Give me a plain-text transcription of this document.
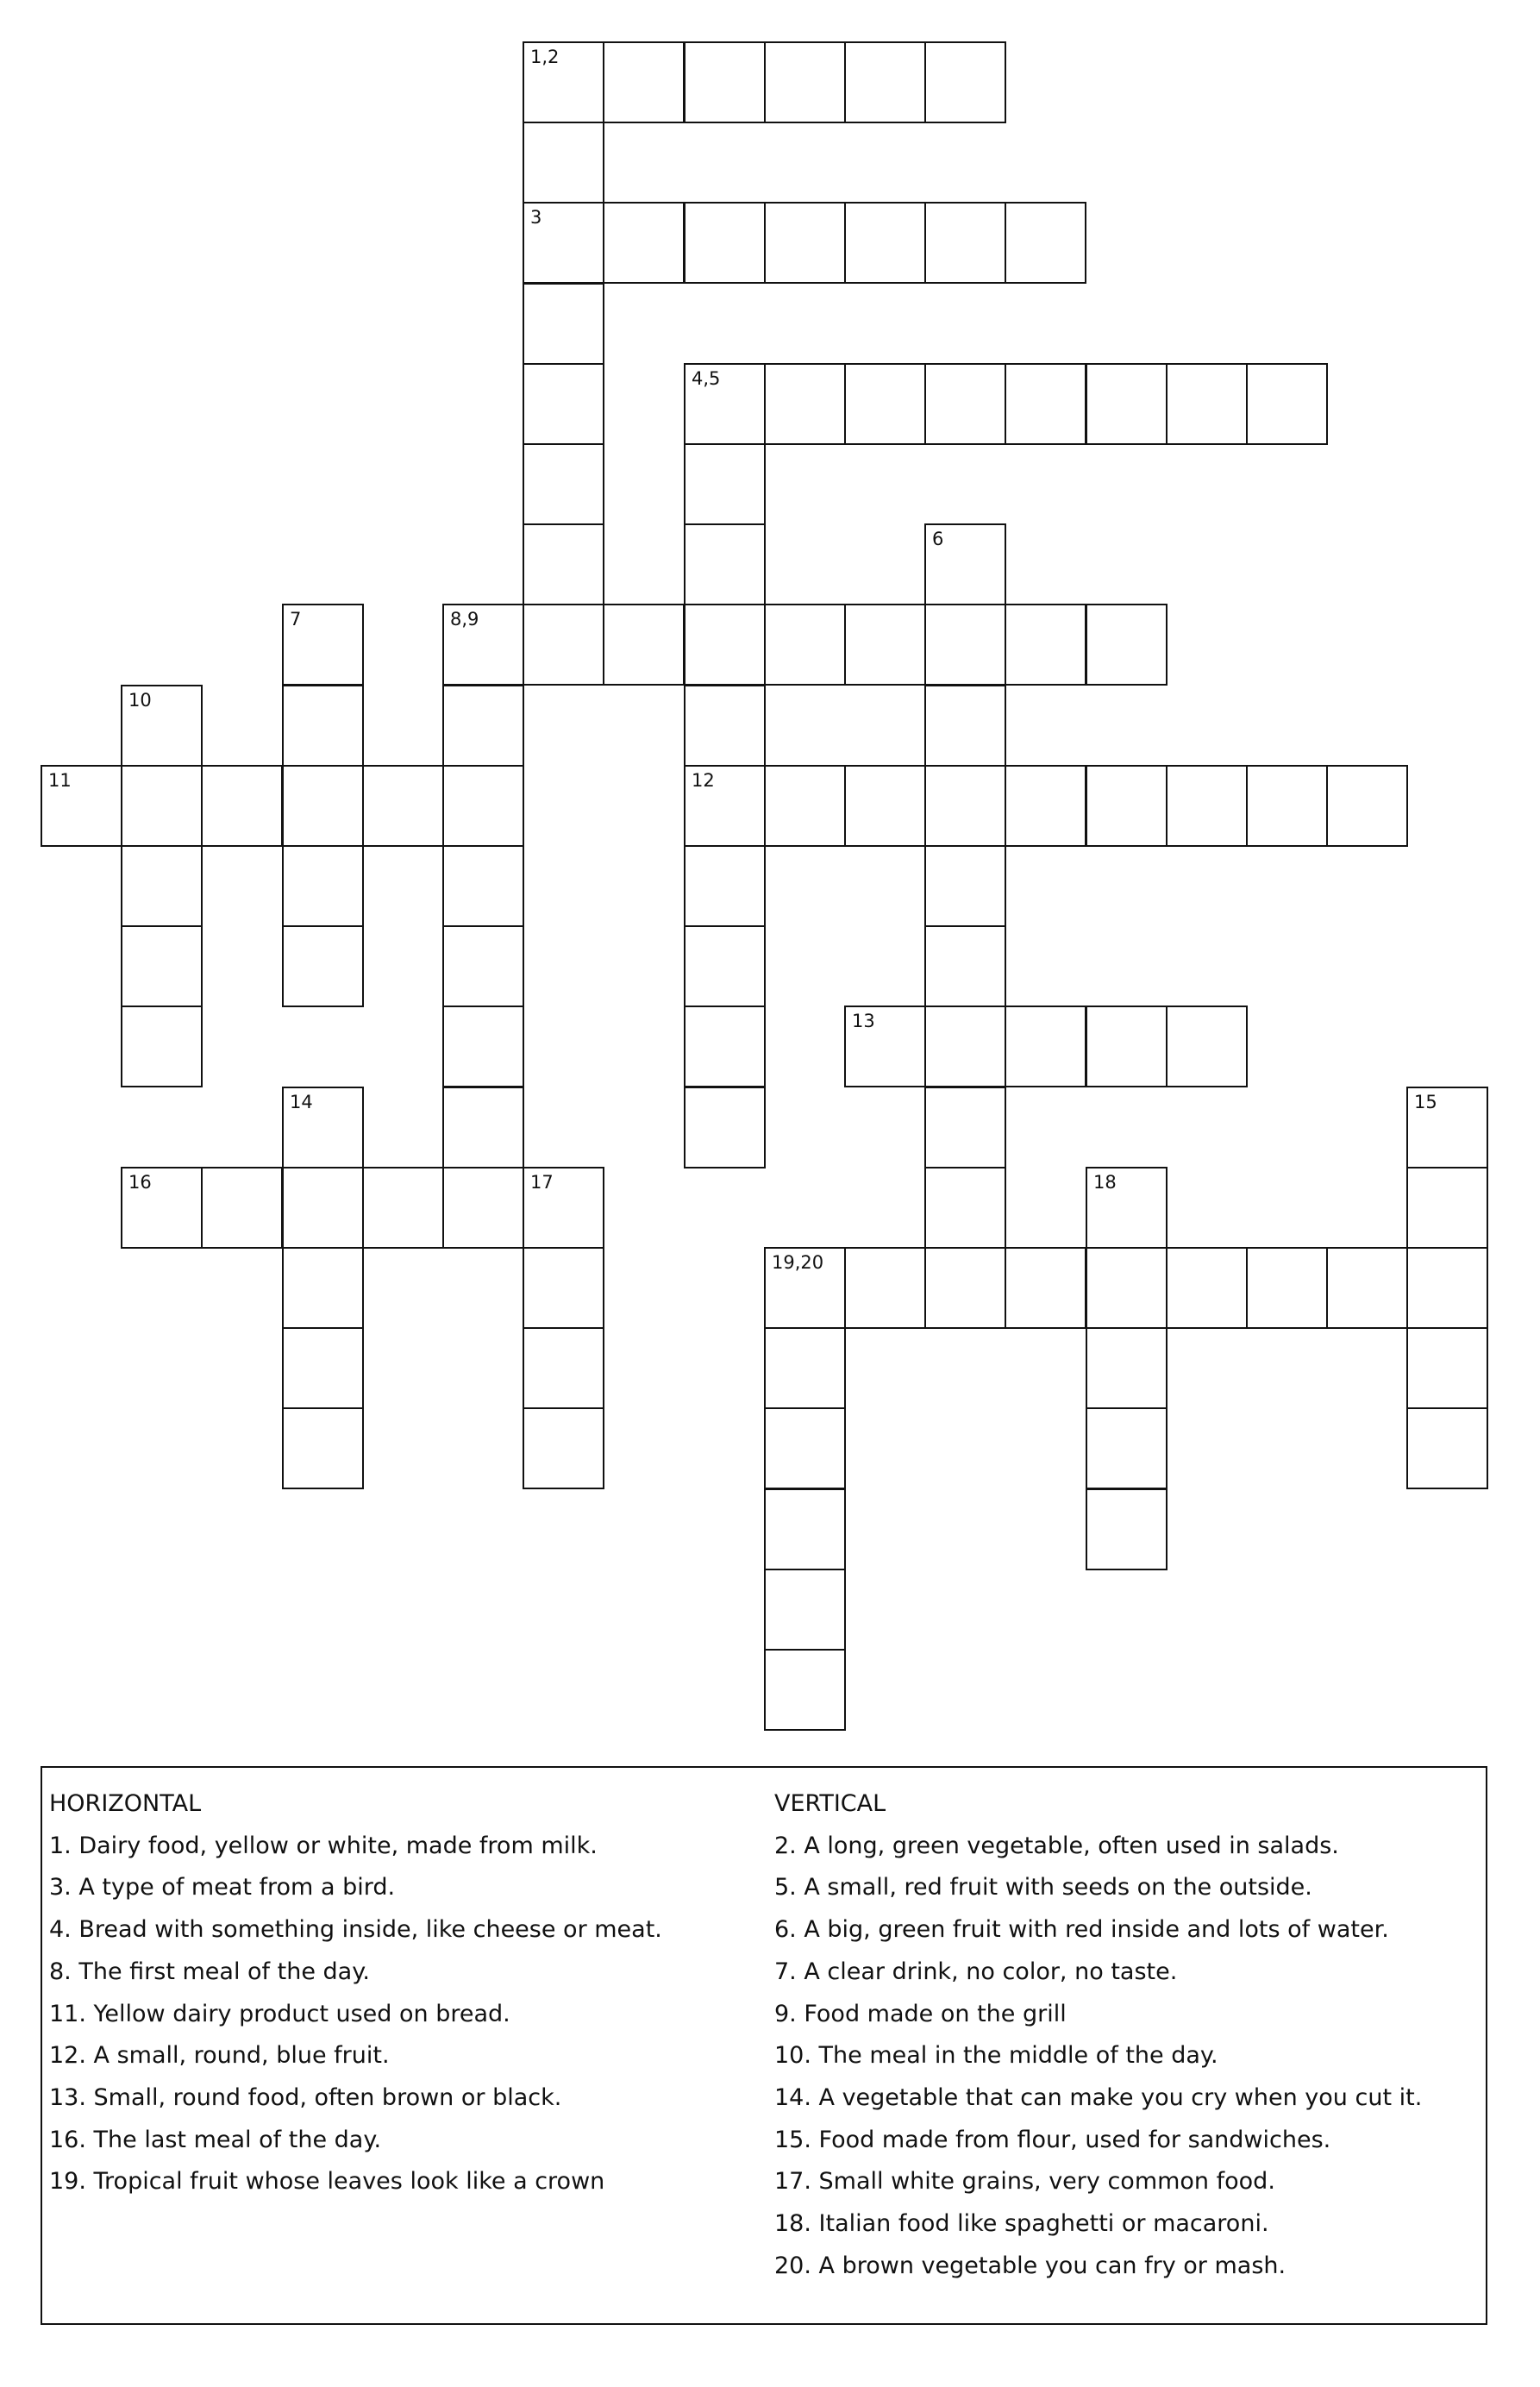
1,2
3
4,5
6
7	8,9
10
11	12
13
14	15
16	17	18
19,20
HORIZONTAL
1. Dairy food, yellow or white, made from milk.
3. A type of meat from a bird.
4. Bread with something inside, like cheese or meat.
8. The first meal of the day.
11. Yellow dairy product used on bread.
12. A small, round, blue fruit.
13. Small, round food, often brown or black.
16. The last meal of the day.
19. Tropical fruit whose leaves look like a crown
VERTICAL
2. A long, green vegetable, often used in salads.
5. A small, red fruit with seeds on the outside.
6. A big, green fruit with red inside and lots of water.
7. A clear drink, no color, no taste.
9. Food made on the grill
10. The meal in the middle of the day.
14. A vegetable that can make you cry when you cut it.
15. Food made from flour, used for sandwiches.
17. Small white grains, very common food.
18. Italian food like spaghetti or macaroni.
20. A brown vegetable you can fry or mash.
